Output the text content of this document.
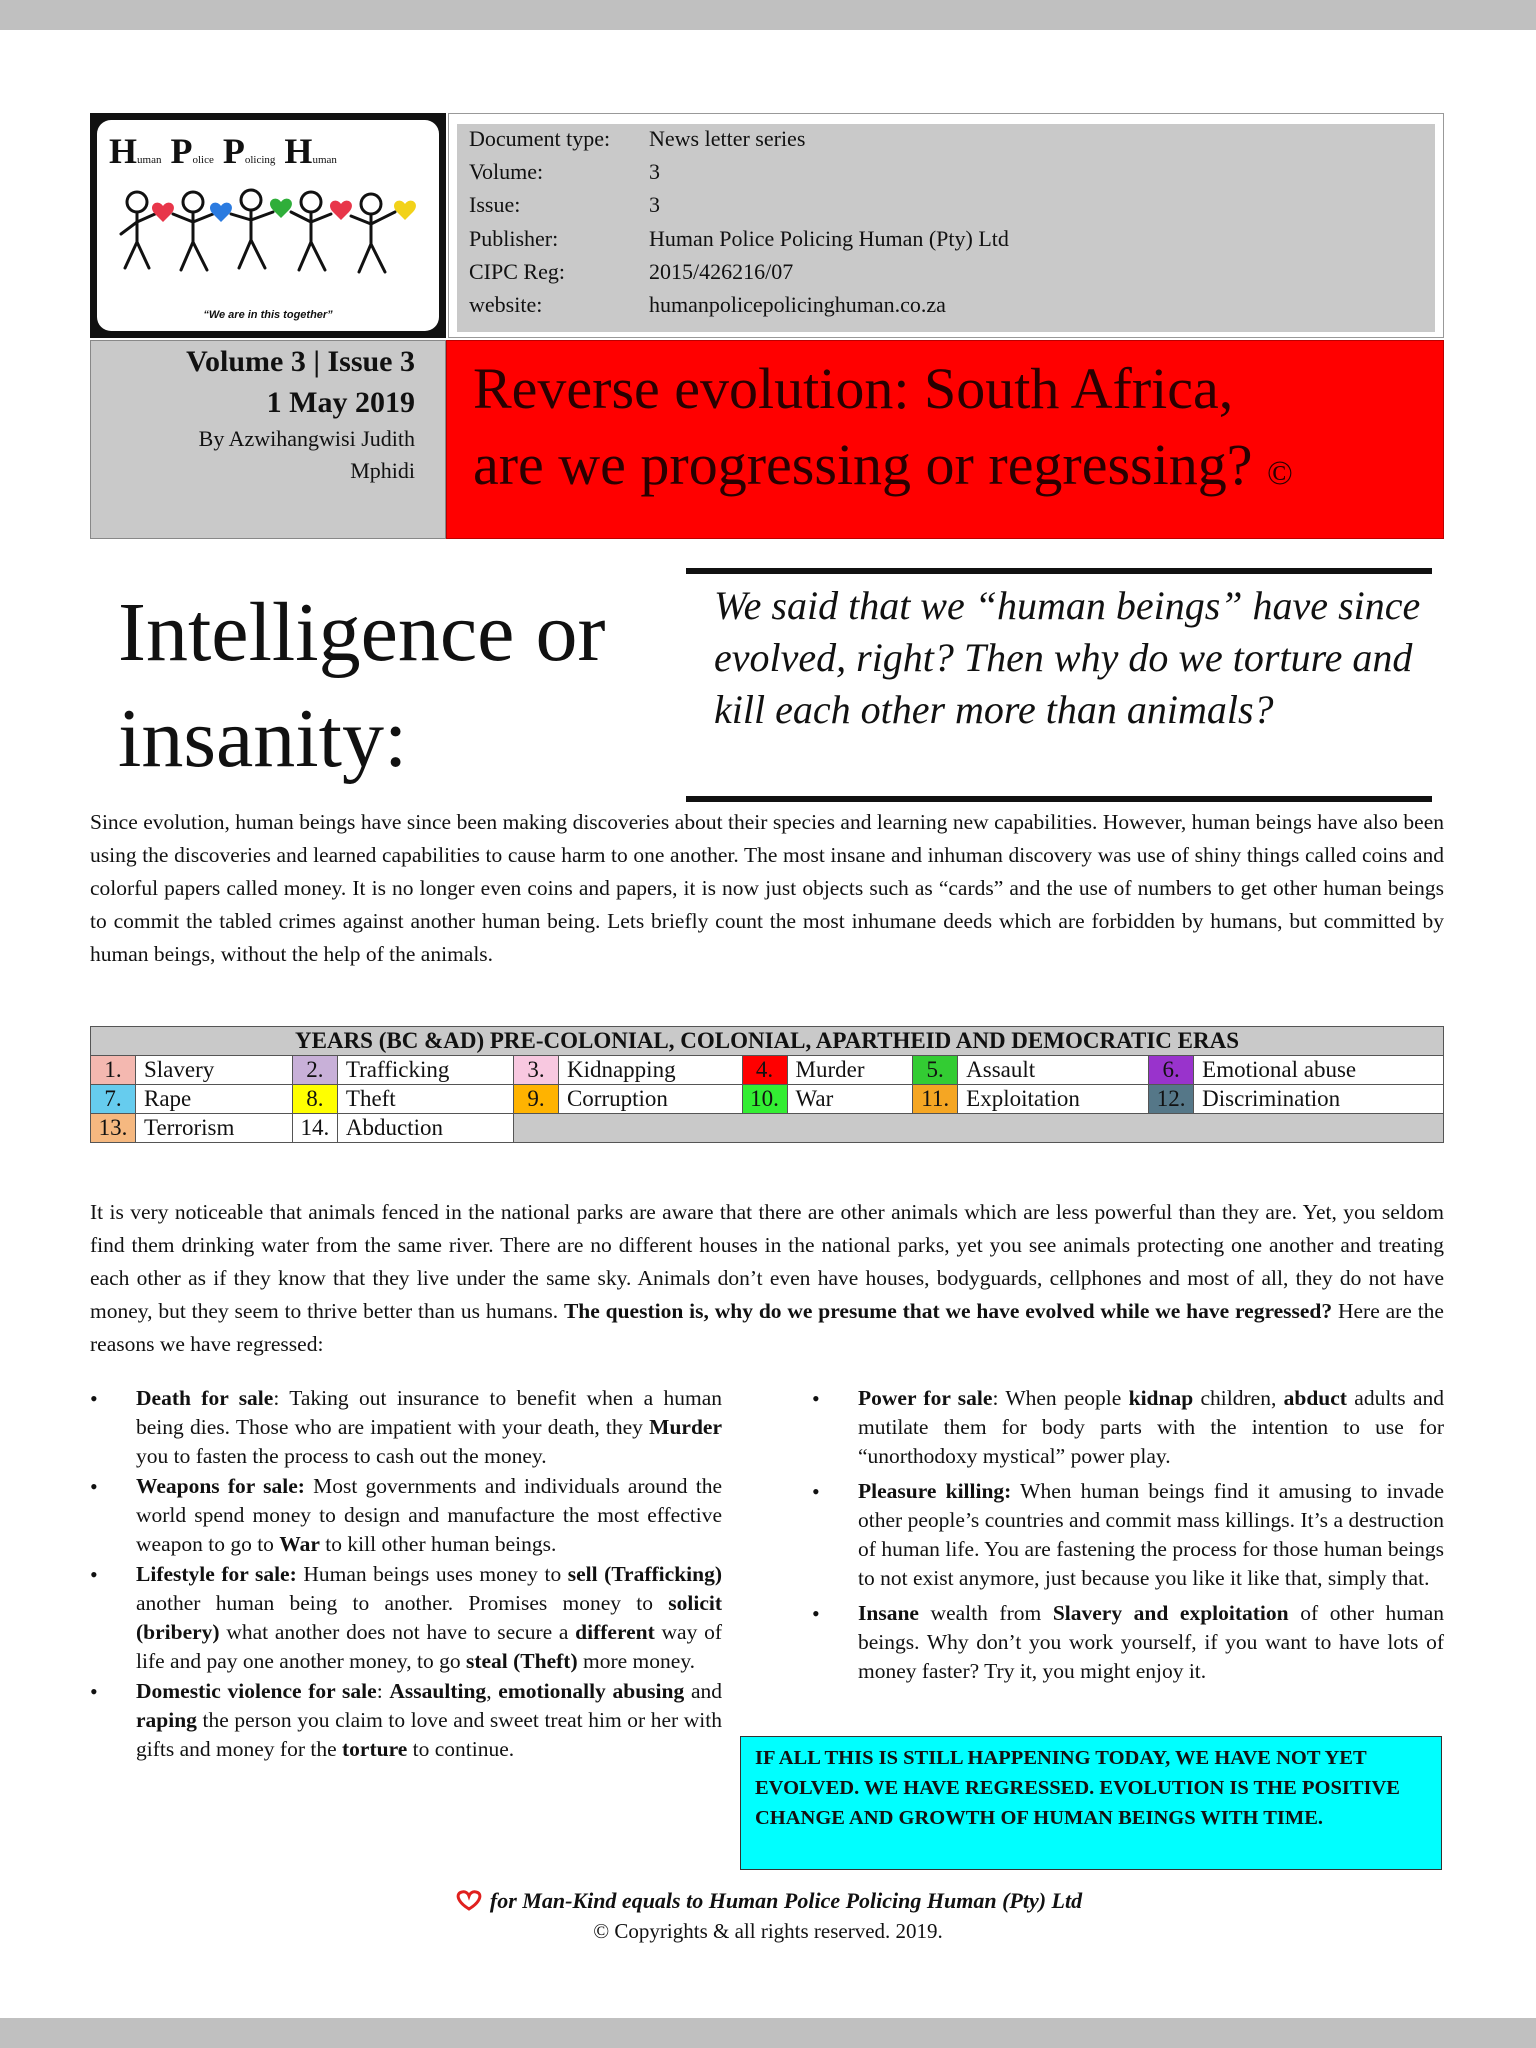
Human Police Policing Human
“We are in this together”
Document type:	News letter series
Volume:	3
Issue:	3
Publisher:	Human Police Policing Human (Pty) Ltd
CIPC Reg:	2015/426216/07
website:	humanpolicepolicinghuman.co.za
Volume 3 | Issue 3
1 May 2019
By Azwihangwisi Judith
Mphidi
Reverse evolution: South Africa,
are we progressing or regressing? ©
Intelligence or
insanity:
We said that we “human beings” have since evolved, right? Then why do we torture and kill each other more than animals?
Since evolution, human beings have since been making discoveries about their species and learning new capabilities. However, human beings have also been using the discoveries and learned capabilities to cause harm to one another. The most insane and inhuman discovery was use of shiny things called coins and colorful papers called money. It is no longer even coins and papers, it is now just objects such as “cards” and the use of numbers to get other human beings to commit the tabled crimes against another human being. Lets briefly count the most inhumane deeds which are forbidden by humans, but committed by human beings, without the help of the animals.
YEARS (BC &AD) PRE-COLONIAL, COLONIAL, APARTHEID AND DEMOCRATIC ERAS											
1.	Slavery	2.	Trafficking	3.	Kidnapping	4.	Murder	5.	Assault	6.	Emotional abuse
7.	Rape	8.	Theft	9.	Corruption	10.	War	11.	Exploitation	12.	Discrimination
13.	Terrorism	14.	Abduction								
It is very noticeable that animals fenced in the national parks are aware that there are other animals which are less powerful than they are. Yet, you seldom find them drinking water from the same river. There are no different houses in the national parks, yet you see animals protecting one another and treating each other as if they know that they live under the same sky. Animals don’t even have houses, bodyguards, cellphones and most of all, they do not have money, but they seem to thrive better than us humans. The question is, why do we presume that we have evolved while we have regressed? Here are the reasons we have regressed:
• Death for sale: Taking out insurance to benefit when a human being dies. Those who are impatient with your death, they Murder you to fasten the process to cash out the money.
• Weapons for sale: Most governments and individuals around the world spend money to design and manufacture the most effective weapon to go to War to kill other human beings.
• Lifestyle for sale: Human beings uses money to sell (Trafficking) another human being to another. Promises money to solicit (bribery) what another does not have to secure a different way of life and pay one another money, to go steal (Theft) more money.
• Domestic violence for sale: Assaulting, emotionally abusing and raping the person you claim to love and sweet treat him or her with gifts and money for the torture to continue.
• Power for sale: When people kidnap children, abduct adults and mutilate them for body parts with the intention to use for “unorthodoxy mystical” power play.
• Pleasure killing: When human beings find it amusing to invade other people’s countries and commit mass killings. It’s a destruction of human life. You are fastening the process for those human beings to not exist anymore, just because you like it like that, simply that.
• Insane wealth from Slavery and exploitation of other human beings. Why don’t you work yourself, if you want to have lots of money faster? Try it, you might enjoy it.
IF ALL THIS IS STILL HAPPENING TODAY, WE HAVE NOT YET EVOLVED. WE HAVE REGRESSED. EVOLUTION IS THE POSITIVE CHANGE AND GROWTH OF HUMAN BEINGS WITH TIME.
for Man-Kind equals to Human Police Policing Human (Pty) Ltd
© Copyrights & all rights reserved. 2019.
